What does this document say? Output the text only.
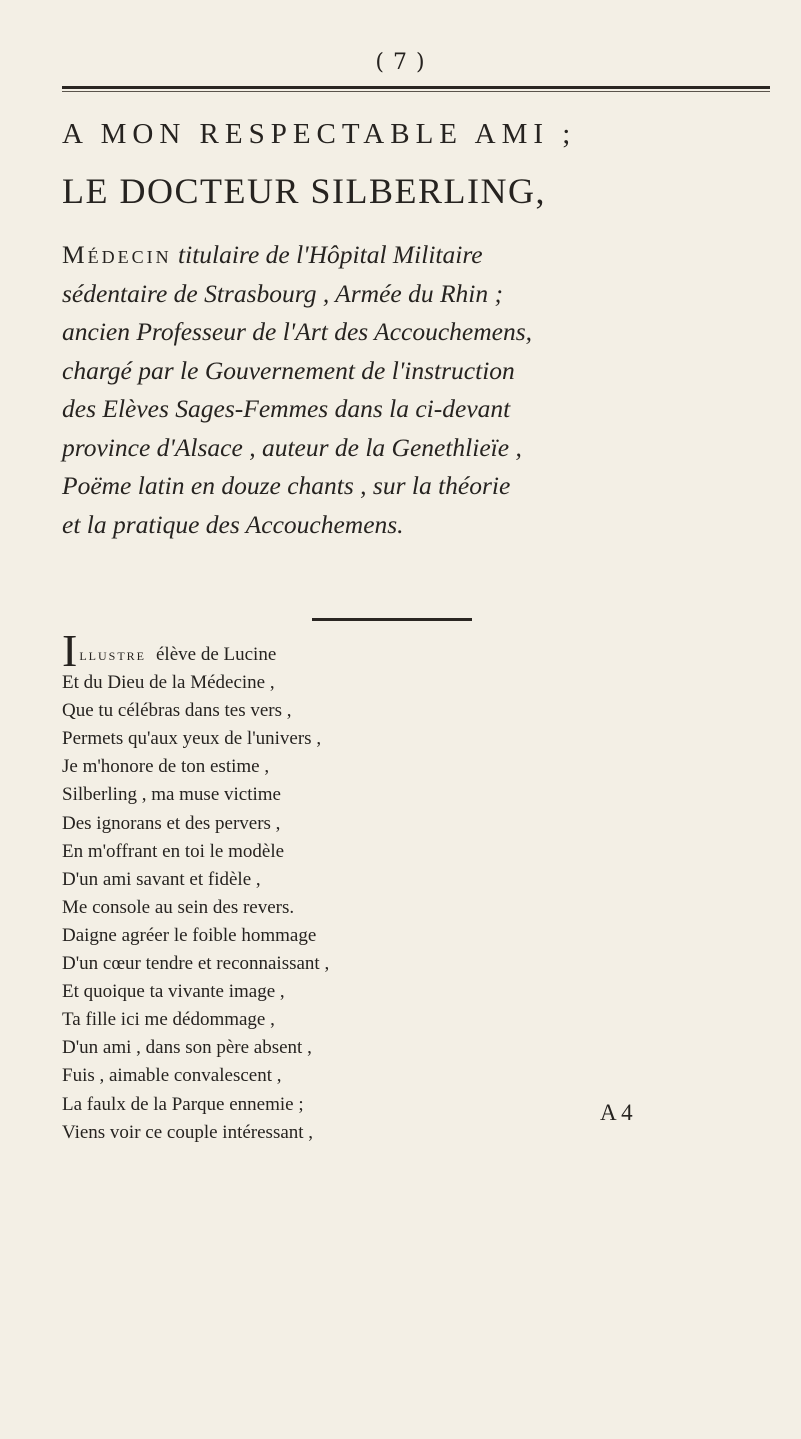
( 7 )
A MON RESPECTABLE AMI ;
LE DOCTEUR SILBERLING,
Médecin titulaire de l'Hôpital Militaire
sédentaire de Strasbourg , Armée du Rhin ;
ancien Professeur de l'Art des Accouchemens,
chargé par le Gouvernement de l'instruction
des Elèves Sages-Femmes dans la ci-devant
province d'Alsace , auteur de la Genethlieïe ,
Poëme latin en douze chants , sur la théorie
et la pratique des Accouchemens.
Illustre élève de Lucine
Et du Dieu de la Médecine ,
Que tu célébras dans tes vers ,
Permets qu'aux yeux de l'univers ,
Je m'honore de ton estime ,
Silberling , ma muse victime
Des ignorans et des pervers ,
En m'offrant en toi le modèle
D'un ami savant et fidèle ,
Me console au sein des revers.
Daigne agréer le foible hommage
D'un cœur tendre et reconnaissant ,
Et quoique ta vivante image ,
Ta fille ici me dédommage ,
D'un ami , dans son père absent ,
Fuis , aimable convalescent ,
La faulx de la Parque ennemie ;
Viens voir ce couple intéressant ,
A 4
